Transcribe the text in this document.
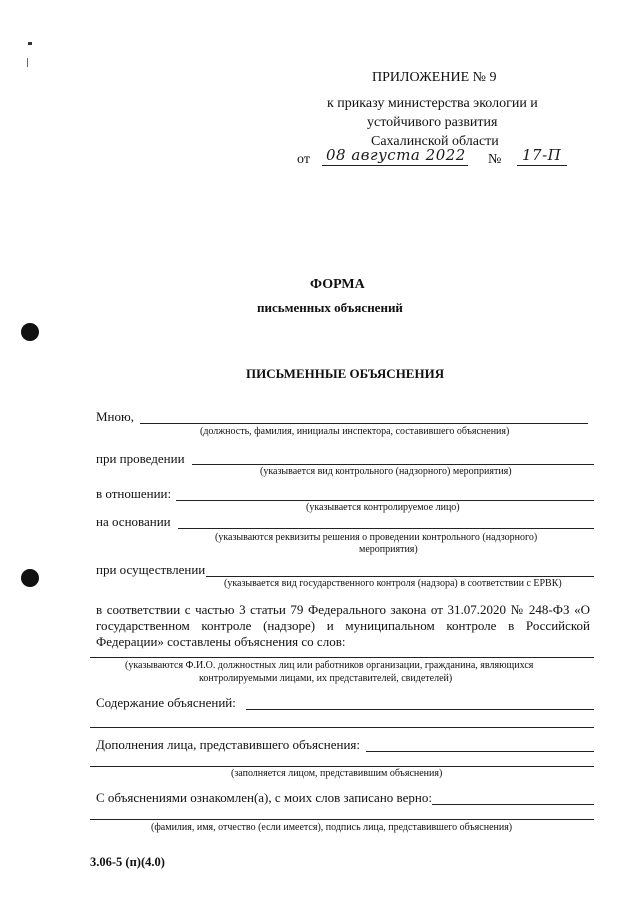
ПРИЛОЖЕНИЕ № 9
к приказу министерства экологии и
устойчивого развития
Сахалинской области
от 08 августа 2022 № 17-П
ФОРМА
письменных объяснений
ПИСЬМЕННЫЕ ОБЪЯСНЕНИЯ
Мною,
(должность, фамилия, инициалы инспектора, составившего объяснения)
при проведении
(указывается вид контрольного (надзорного) мероприятия)
в отношении:
(указывается контролируемое лицо)
на основании
(указываются реквизиты решения о проведении контрольного (надзорного)
мероприятия)
при осуществлении
(указывается вид государственного контроля (надзора) в соответствии с ЕРВК)
в соответствии с частью 3 статьи 79 Федерального закона от 31.07.2020 № 248-ФЗ «О
государственном контроле (надзоре) и муниципальном контроле в Российской
Федерации» составлены объяснения со слов:
(указываются Ф.И.О. должностных лиц или работников организации, гражданина, являющихся
контролируемыми лицами, их представителей, свидетелей)
Содержание объяснений:
Дополнения лица, представившего объяснения:
(заполняется лицом, представившим объяснения)
С объяснениями ознакомлен(а), с моих слов записано верно:
(фамилия, имя, отчество (если имеется), подпись лица, представившего объяснения)
3.06-5 (п)(4.0)
